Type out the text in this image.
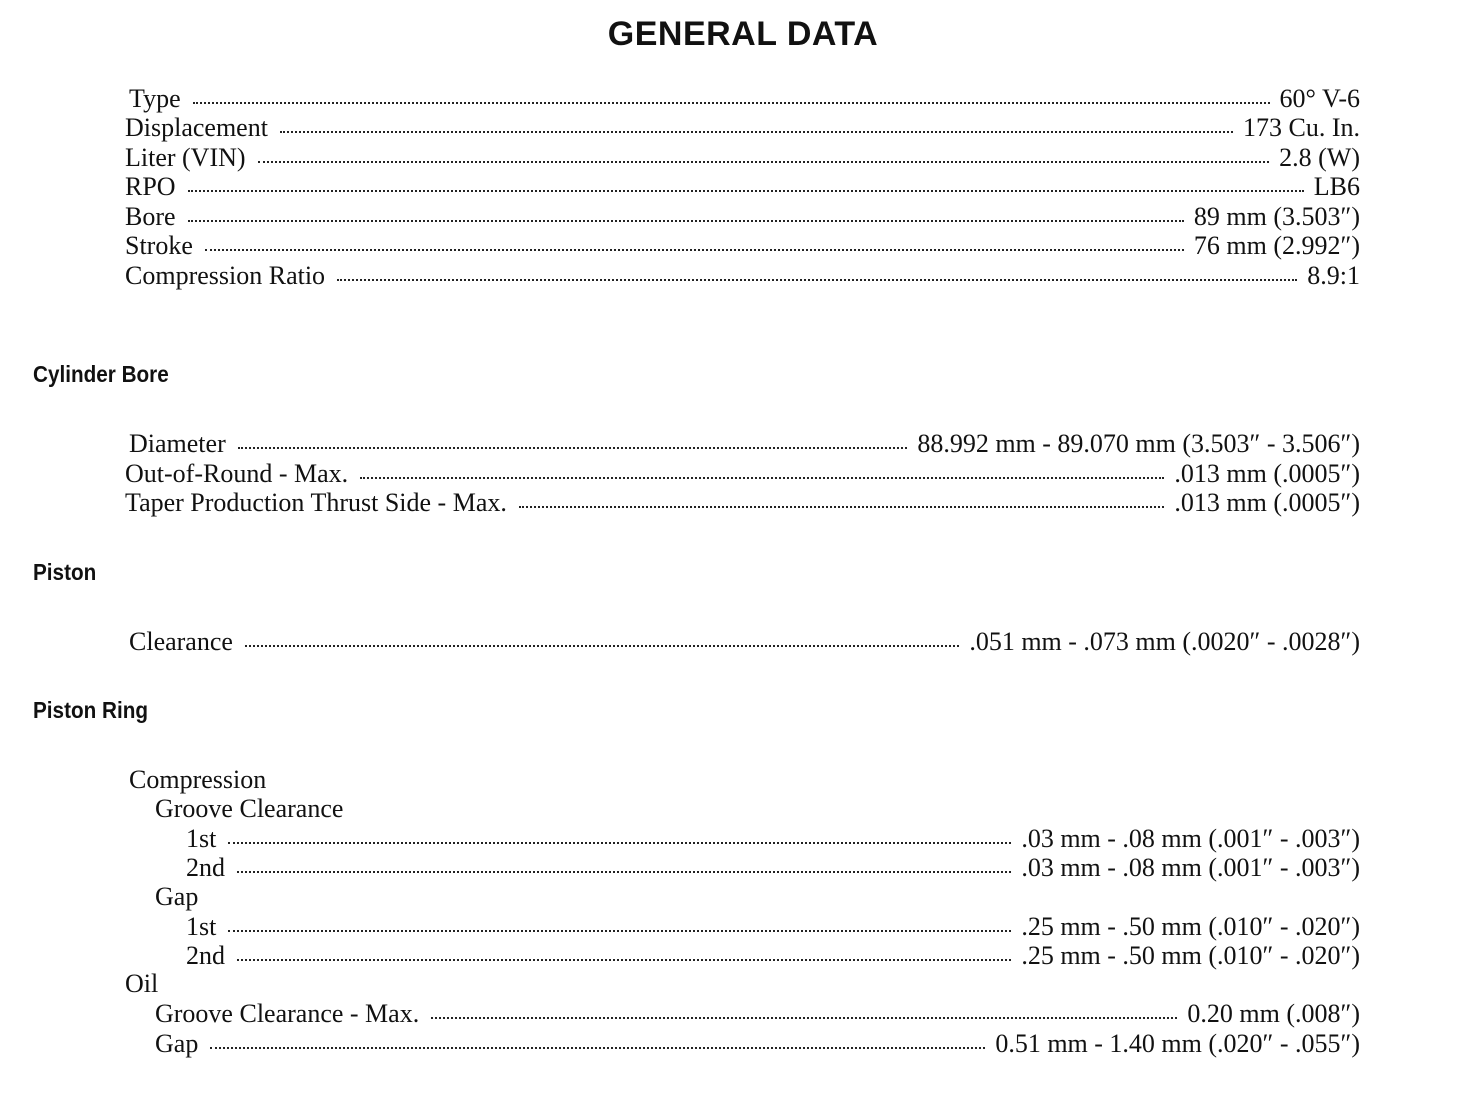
GENERAL DATA
Type	60° V-6
Displacement	173 Cu. In.
Liter (VIN)	2.8 (W)
RPO	LB6
Bore	89 mm (3.503″)
Stroke	76 mm (2.992″)
Compression Ratio	8.9:1
Cylinder Bore
Diameter	88.992 mm - 89.070 mm (3.503″ - 3.506″)
Out-of-Round - Max.	.013 mm (.0005″)
Taper Production Thrust Side - Max.	.013 mm (.0005″)
Piston
Clearance	.051 mm - .073 mm (.0020″ - .0028″)
Piston Ring
Compression
Groove Clearance
1st	.03 mm - .08 mm (.001″ - .003″)
2nd	.03 mm - .08 mm (.001″ - .003″)
Gap
1st	.25 mm - .50 mm (.010″ - .020″)
2nd	.25 mm - .50 mm (.010″ - .020″)
Oil
Groove Clearance - Max.	0.20 mm (.008″)
Gap	0.51 mm - 1.40 mm (.020″ - .055″)
